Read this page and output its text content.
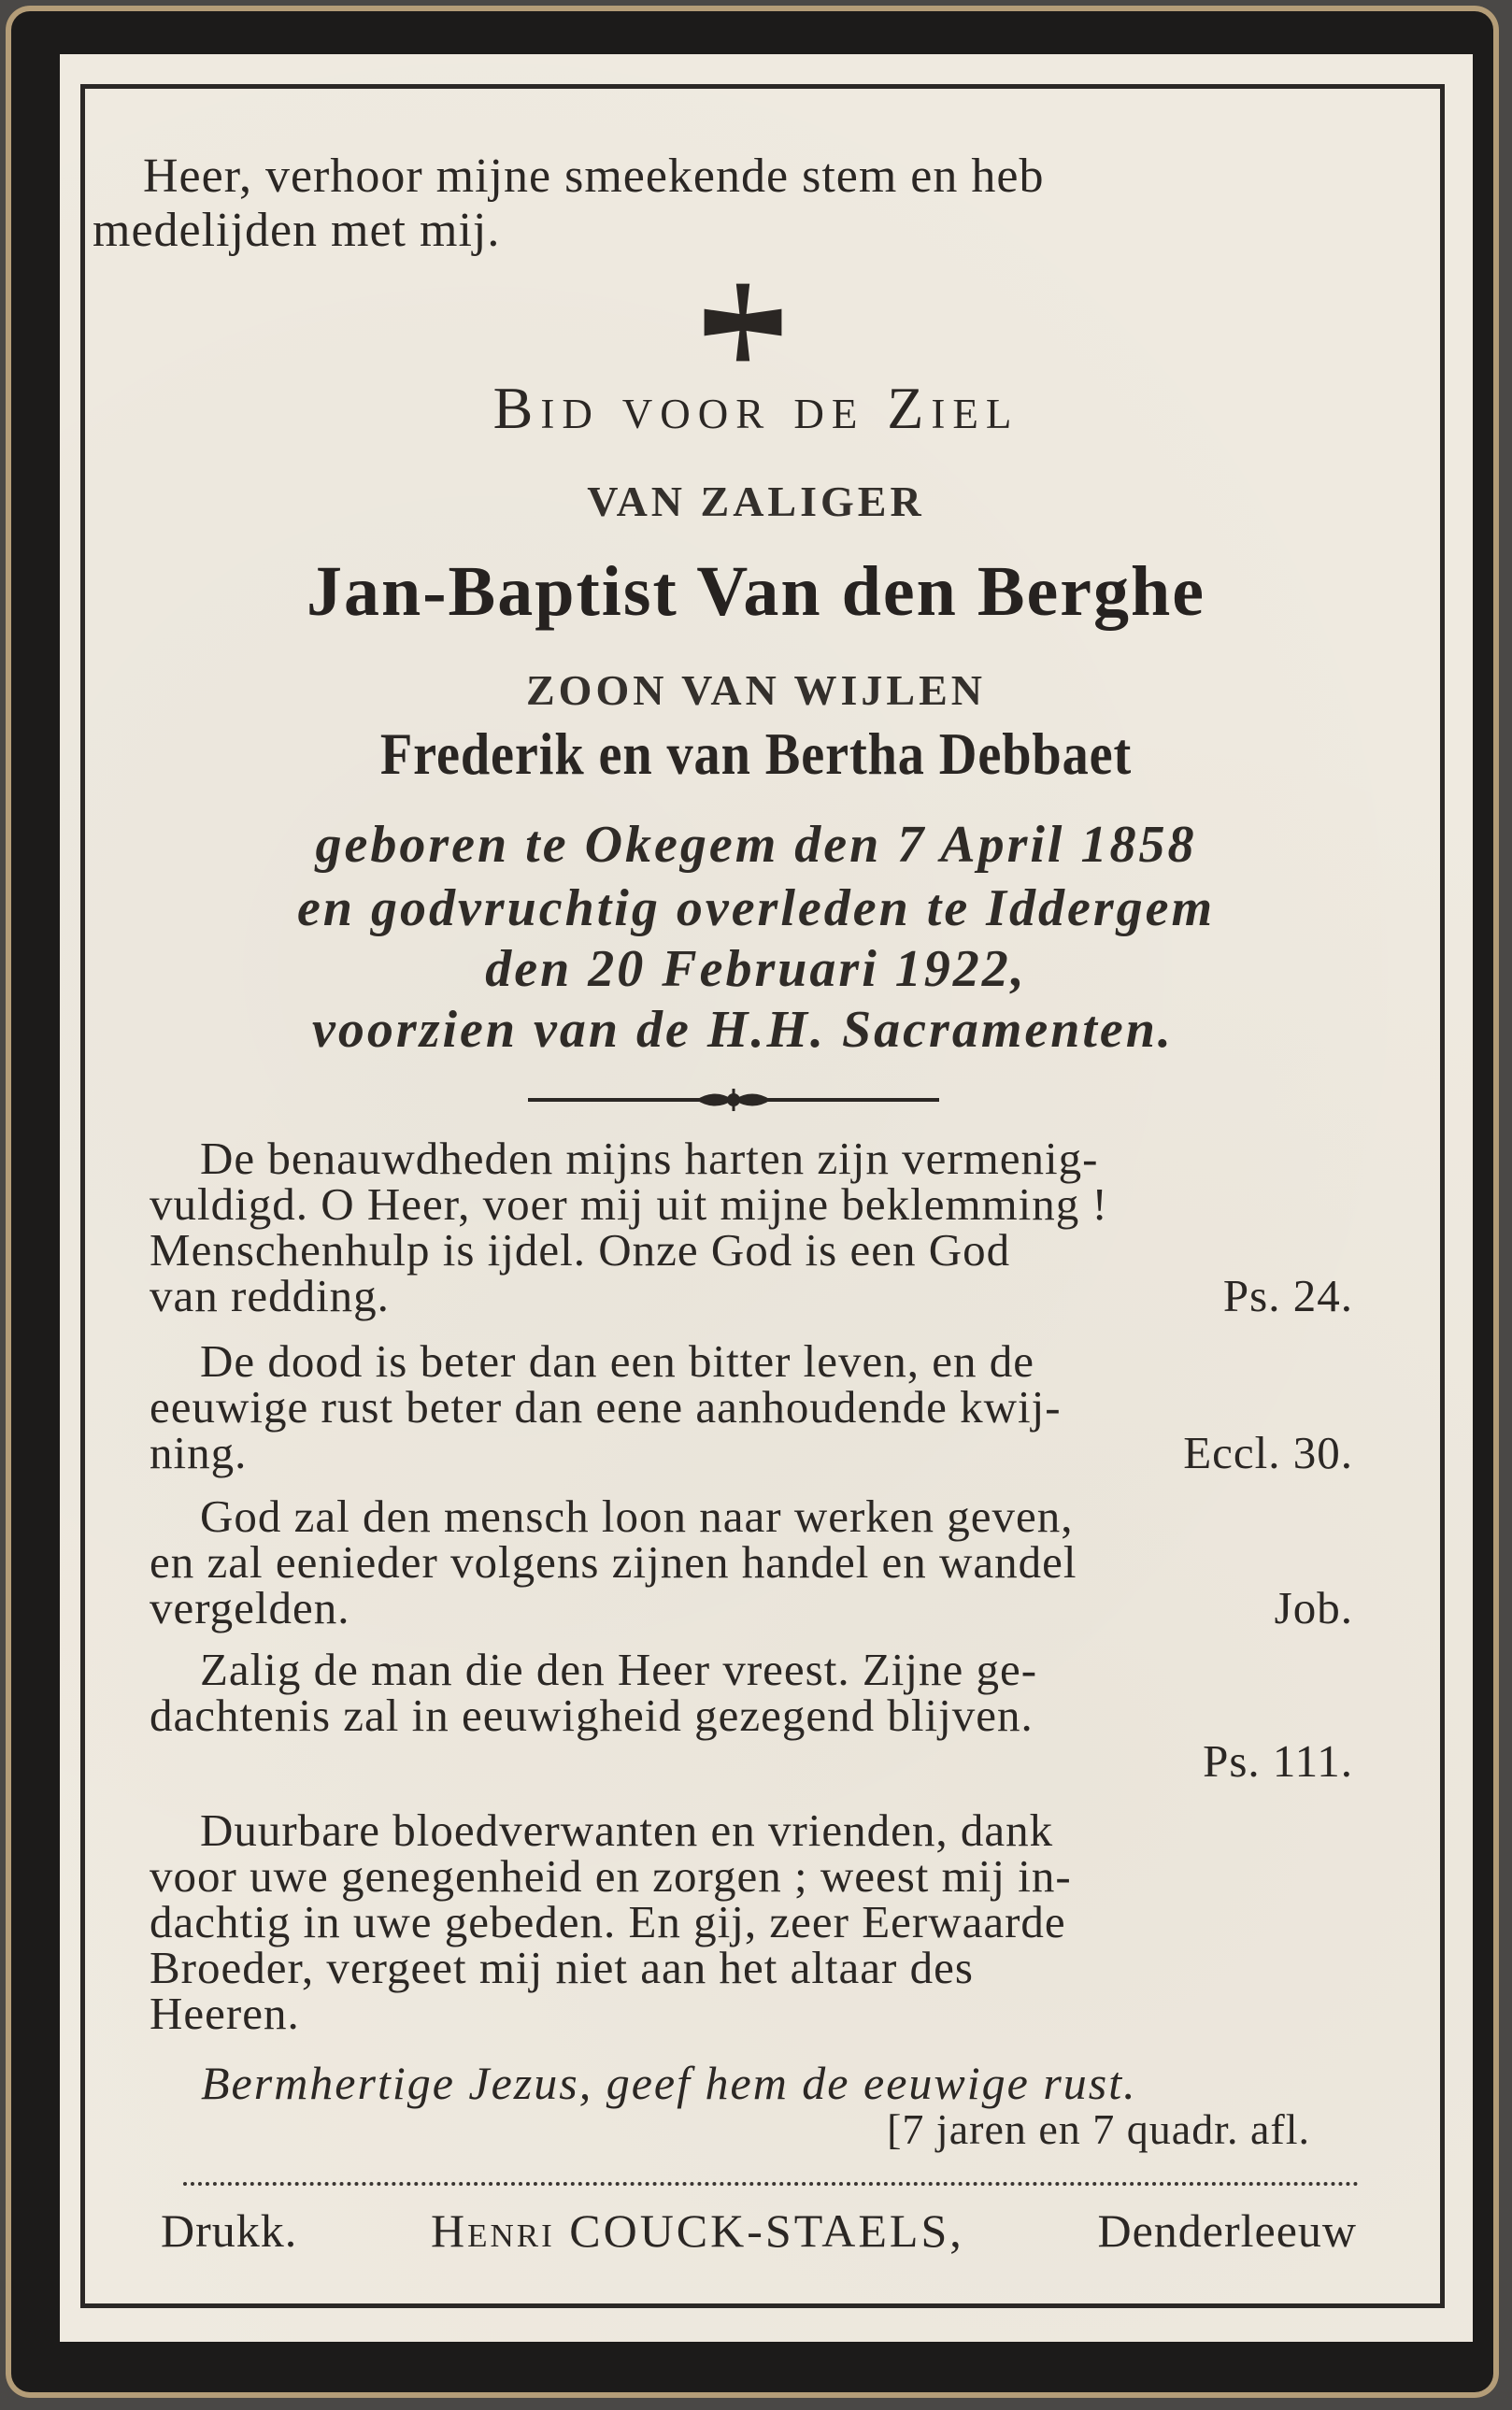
Heer, verhoor mijne smeekende stem en heb
medelijden met mij.
Bid voor de Ziel
VAN ZALIGER
Jan-Baptist Van den Berghe
ZOON VAN WIJLEN
Frederik en van Bertha Debbaet
geboren te Okegem den 7 April 1858
en godvruchtig overleden te Iddergem
den 20 Februari 1922,
voorzien van de H.H. Sacramenten.
De benauwdheden mijns harten zijn vermenig-
vuldigd. O Heer, voer mij uit mijne beklemming !
Menschenhulp is ijdel. Onze God is een God
van redding.	Ps. 24.
De dood is beter dan een bitter leven, en de
eeuwige rust beter dan eene aanhoudende kwij-
ning.	Eccl. 30.
God zal den mensch loon naar werken geven,
en zal eenieder volgens zijnen handel en wandel
vergelden.	Job.
Zalig de man die den Heer vreest. Zijne ge-
dachtenis zal in eeuwigheid gezegend blijven.
Ps. 111.
Duurbare bloedverwanten en vrienden, dank
voor uwe genegenheid en zorgen ; weest mij in-
dachtig in uwe gebeden. En gij, zeer Eerwaarde
Broeder, vergeet mij niet aan het altaar des
Heeren.
Bermhertige Jezus, geef hem de eeuwige rust.
[7 jaren en 7 quadr. afl.
Drukk.	Henri COUCK-STAELS,	Denderleeuw
